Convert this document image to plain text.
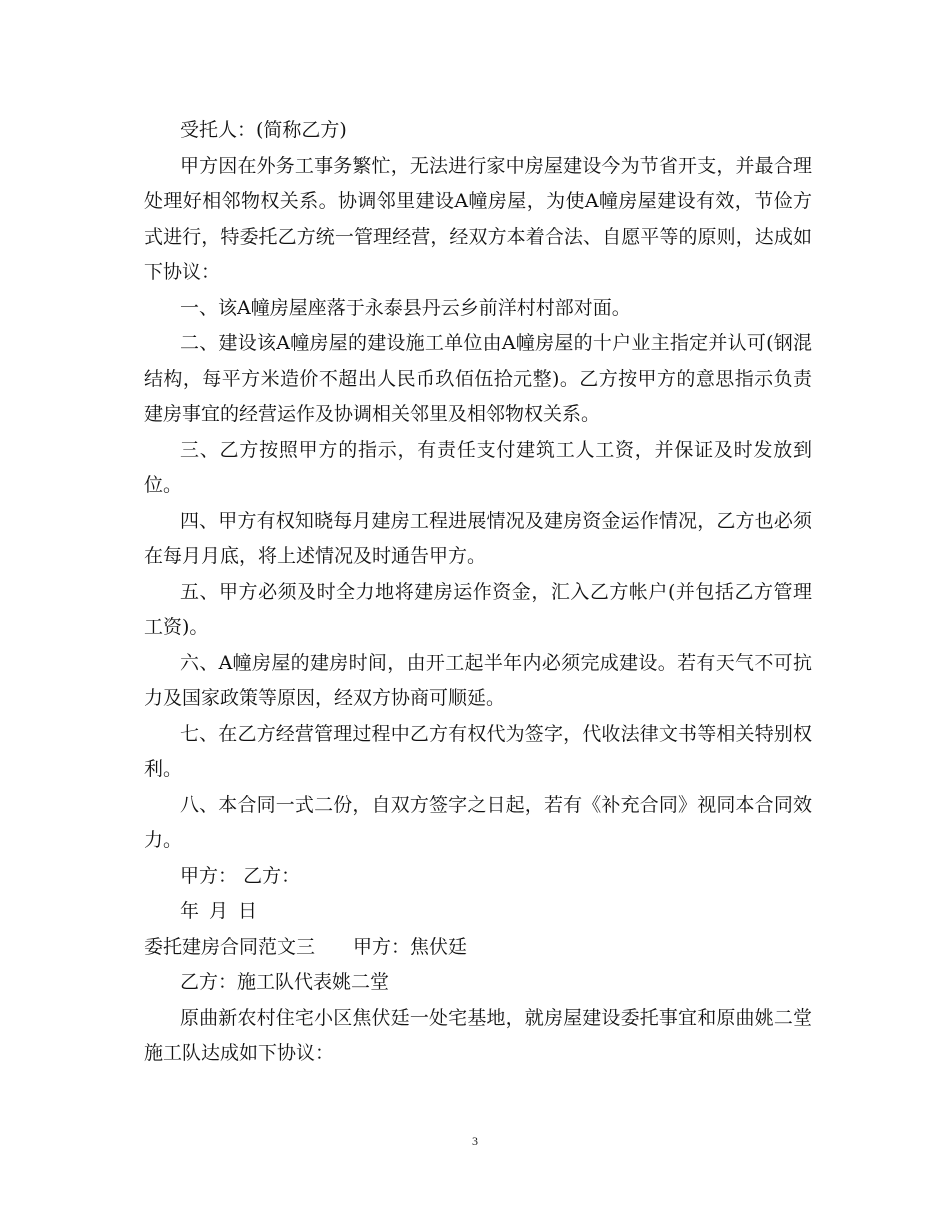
受托人：(简称乙方)

甲方因在外务工事务繁忙，无法进行家中房屋建设今为节省开支，并最合理处理好相邻物权关系。协调邻里建设A幢房屋，为使A幢房屋建设有效，节俭方式进行，特委托乙方统一管理经营，经双方本着合法、自愿平等的原则，达成如下协议：

一、该A幢房屋座落于永泰县丹云乡前洋村村部对面。

二、建设该A幢房屋的建设施工单位由A幢房屋的十户业主指定并认可(钢混结构，每平方米造价不超出人民币玖佰伍拾元整)。乙方按甲方的意思指示负责建房事宜的经营运作及协调相关邻里及相邻物权关系。

三、乙方按照甲方的指示，有责任支付建筑工人工资，并保证及时发放到位。

四、甲方有权知晓每月建房工程进展情况及建房资金运作情况，乙方也必须在每月月底，将上述情况及时通告甲方。

五、甲方必须及时全力地将建房运作资金，汇入乙方帐户(并包括乙方管理工资)。

六、A幢房屋的建房时间，由开工起半年内必须完成建设。若有天气不可抗力及国家政策等原因，经双方协商可顺延。

七、在乙方经营管理过程中乙方有权代为签字，代收法律文书等相关特别权利。

八、本合同一式二份，自双方签字之日起，若有《补充合同》视同本合同效力。

甲方： 乙方：

年 月 日

委托建房合同范文三 甲方：焦伏廷

乙方：施工队代表姚二堂

原曲新农村住宅小区焦伏廷一处宅基地，就房屋建设委托事宜和原曲姚二堂施工队达成如下协议：

3
